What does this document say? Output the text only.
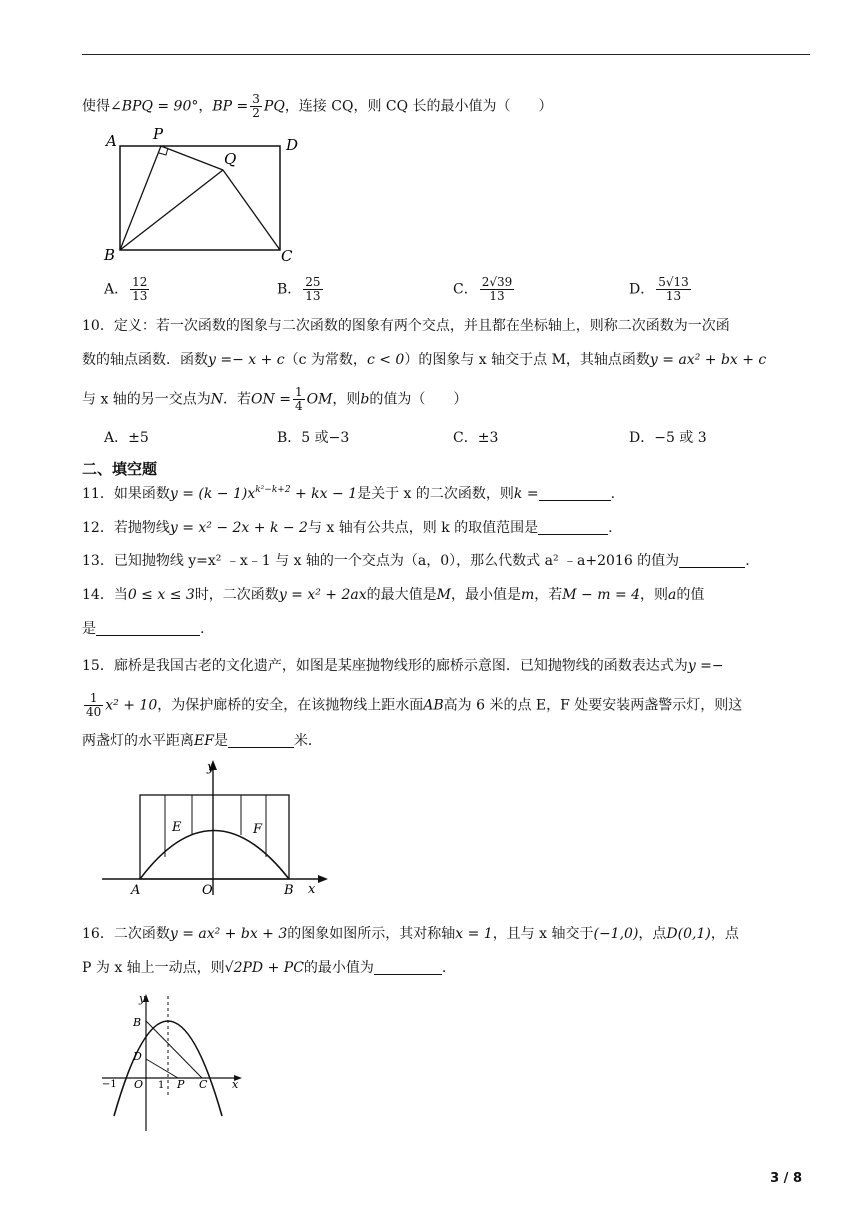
使得∠BPQ = 90°，BP = $\frac{3}{2}$ PQ，连接 CQ，则 CQ 长的最小值为（　　）
A P
D
Q
B	C
A． $\frac{12}{13}$	B． $\frac{25}{13}$	C． $\frac{2√39}{13}$	D． $\frac{5√13}{13}$
10．定义：若一次函数的图象与二次函数的图象有两个交点，并且都在坐标轴上，则称二次函数为一次函
数的轴点函数．函数y =− x + c（c 为常数，c < 0）的图象与 x 轴交于点 M，其轴点函数y = ax² + bx + c
与 x 轴的另一交点为N．若ON = $\frac{1}{4}$ OM，则b的值为（　　）
A．±5	B．5 或−3	C．±3	D．−5 或 3
二、填空题
11．如果函数$y = (k - 1)x^{k^2-k+2}$ + kx − 1是关于 x 的二次函数，则k =	.
12．若抛物线y = x² − 2x + k − 2与 x 轴有公共点，则 k 的取值范围是	.
13．已知抛物线 y=x² ﹣x﹣1 与 x 轴的一个交点为（a，0），那么代数式 a² ﹣a+2016 的值为	.
14．当0 ≤ x ≤ 3时，二次函数y = x² + 2ax的最大值是M，最小值是m，若M − m = 4，则a的值
是	.
15．廊桥是我国古老的文化遗产，如图是某座抛物线形的廊桥示意图．已知抛物线的函数表达式为y =−
$\frac{1}{40} x^2 + 10$，为保护廊桥的安全，在该抛物线上距水面AB高为 6 米的点 E，F 处要安装两盏警示灯，则这
两盏灯的水平距离EF是	米．
y
E	F
A	O	B x
16．二次函数y = ax² + bx + 3的图象如图所示，其对称轴x = 1，且与 x 轴交于(−1,0)，点D(0,1)，点
P 为 x 轴上一动点，则√2PD + PC的最小值为	.
y
B
D
−1 O 1 P C x
3 / 8
